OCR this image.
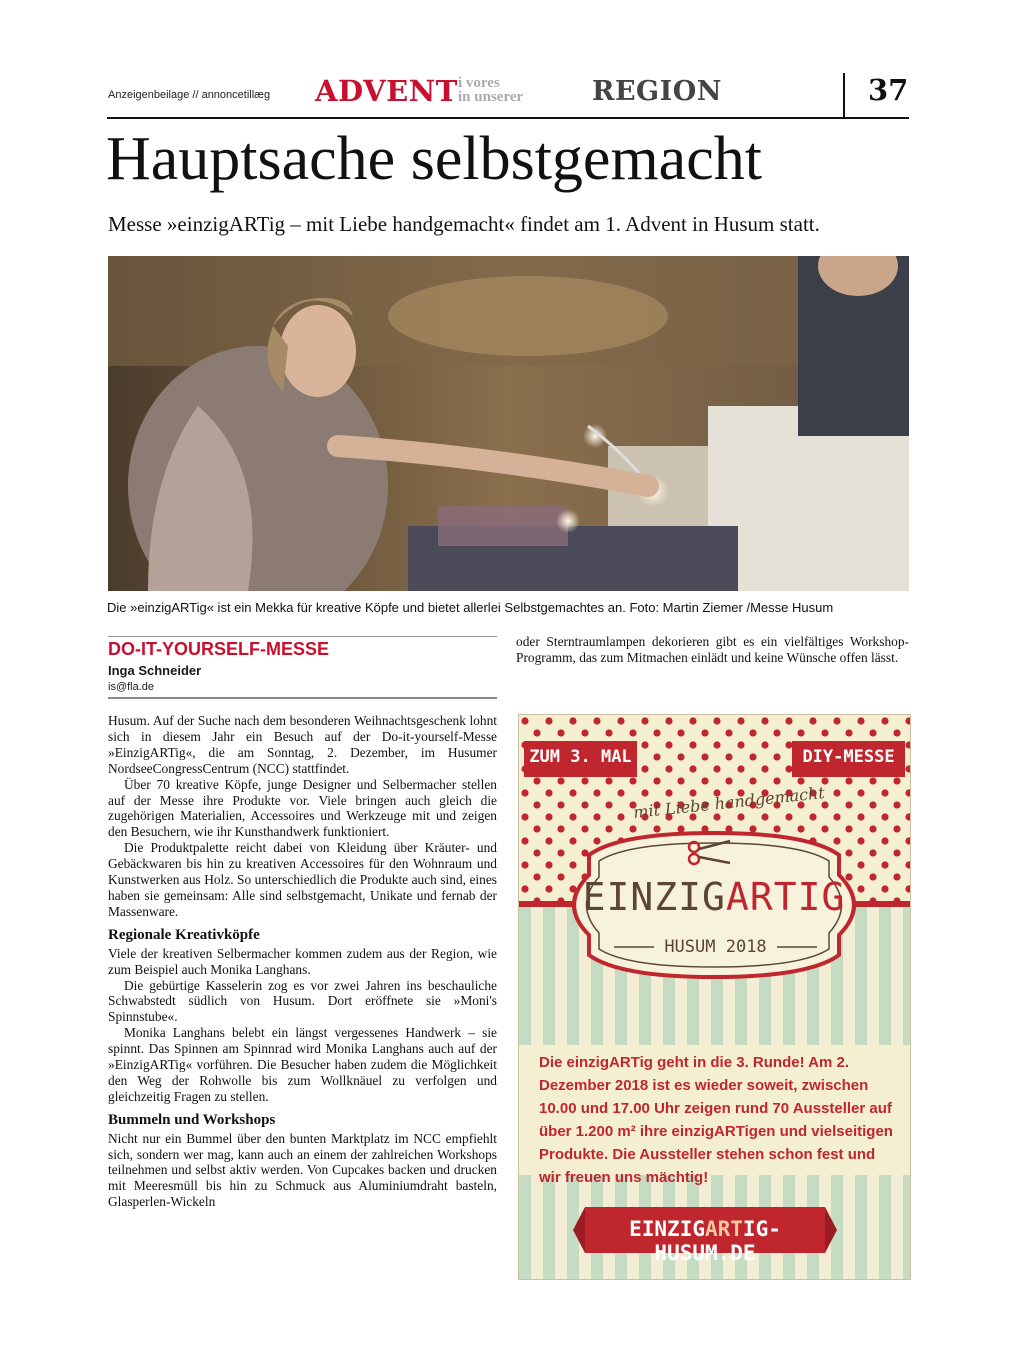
Anzeigenbeilage // annoncetillæg ADVENT i vores
in unserer	REGION	37
Hauptsache selbstgemacht
Messe »einzigARTig – mit Liebe handgemacht« findet am 1. Advent in Husum statt.
Die »einzigARTig« ist ein Mekka für kreative Köpfe und bietet allerlei Selbstgemachtes an. Foto: Martin Ziemer /Messe Husum
DO-IT-YOURSELF-MESSE
Inga Schneider
is@fla.de

Husum. Auf der Suche nach dem besonderen Weihnachtsgeschenk lohnt sich in diesem Jahr ein Besuch auf der Do-it-yourself-Messe »EinzigARTig«, die am Sonntag, 2. Dezember, im Husumer NordseeCongressCentrum (NCC) stattfindet.

Über 70 kreative Köpfe, junge Designer und Selbermacher stellen auf der Messe ihre Produkte vor. Viele bringen auch gleich die zugehörigen Materialien, Accessoires und Werkzeuge mit und zeigen den Besuchern, wie ihr Kunsthandwerk funktioniert.

Die Produktpalette reicht dabei von Kleidung über Kräuter- und Gebäckwaren bis hin zu kreativen Accessoires für den Wohnraum und Kunstwerken aus Holz. So unterschiedlich die Produkte auch sind, eines haben sie gemeinsam: Alle sind selbstgemacht, Unikate und fernab der Massenware.

Regionale Kreativköpfe

Viele der kreativen Selbermacher kommen zudem aus der Region, wie zum Beispiel auch Monika Langhans.

Die gebürtige Kasselerin zog es vor zwei Jahren ins beschauliche Schwabstedt südlich von Husum. Dort eröffnete sie »Moni's Spinnstube«.

Monika Langhans belebt ein längst vergessenes Handwerk – sie spinnt. Das Spinnen am Spinnrad wird Monika Langhans auch auf der »EinzigARTig« vorführen. Die Besucher haben zudem die Möglichkeit den Weg der Rohwolle bis zum Wollknäuel zu verfolgen und gleichzeitig Fragen zu stellen.

Bummeln und Workshops

Nicht nur ein Bummel über den bunten Marktplatz im NCC empfiehlt sich, sondern wer mag, kann auch an einem der zahlreichen Workshops teilnehmen und selbst aktiv werden. Von Cupcakes backen und drucken mit Meeresmüll bis hin zu Schmuck aus Aluminiumdraht basteln, Glasperlen-Wickeln

oder Sterntraumlampen dekorieren gibt es ein vielfältiges Workshop-Programm, das zum Mitmachen einlädt und keine Wünsche offen lässt.

ZUM 3. MAL	DIY-MESSE
mit Liebe handgemacht
EINZIGARTIG
HUSUM 2018
Die einzigARTig geht in die 3. Runde! Am 2. Dezember 2018 ist es wieder soweit, zwischen 10.00 und 17.00 Uhr zeigen rund 70 Aussteller auf über 1.200 m² ihre einzigARTigen und vielseitigen Produkte. Die Aussteller stehen schon fest und wir freuen uns mächtig!
EINZIGARTIG-HUSUM.DE
